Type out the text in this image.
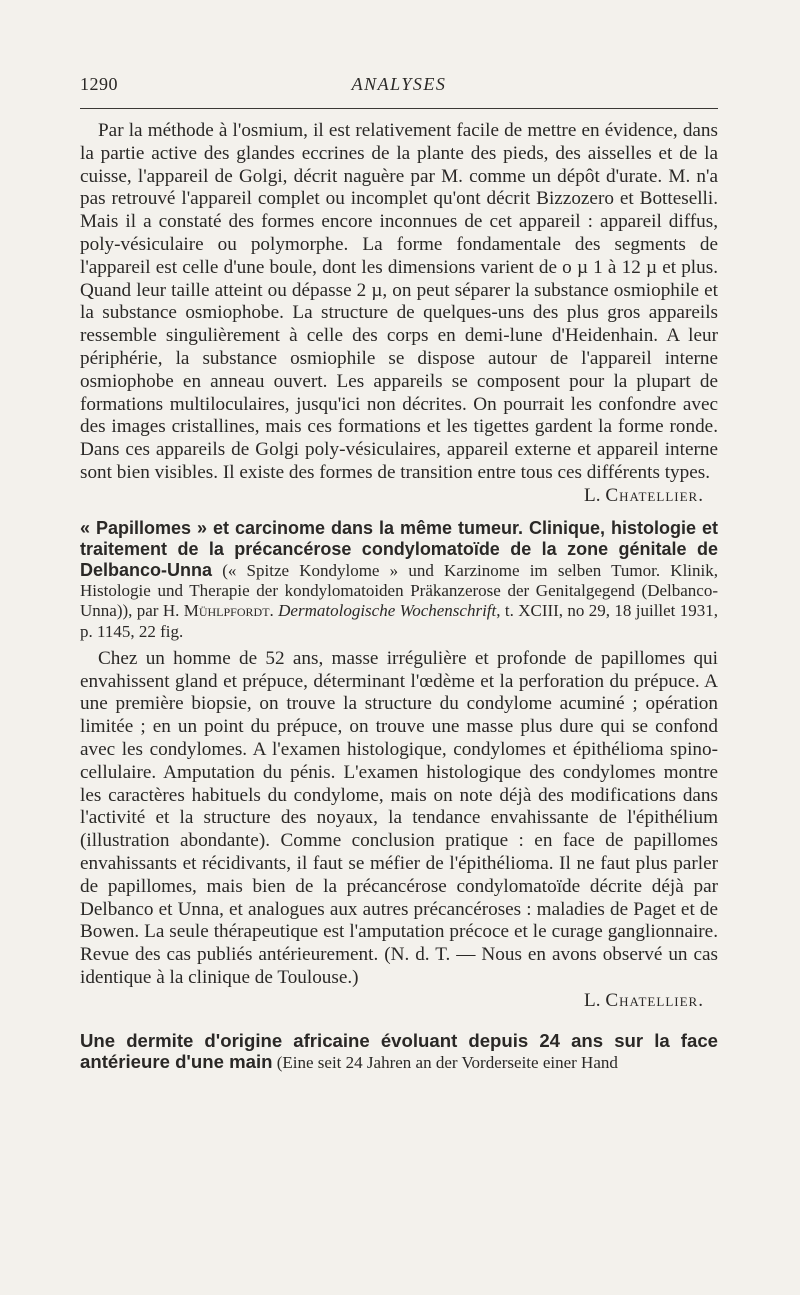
1290	ANALYSES

Par la méthode à l'osmium, il est relativement facile de mettre en évidence, dans la partie active des glandes eccrines de la plante des pieds, des aisselles et de la cuisse, l'appareil de Golgi, décrit naguère par M. comme un dépôt d'urate. M. n'a pas retrouvé l'appareil complet ou incomplet qu'ont décrit Bizzozero et Botteselli. Mais il a constaté des formes encore inconnues de cet appareil : appareil diffus, poly-vésiculaire ou polymorphe. La forme fondamentale des segments de l'appareil est celle d'une boule, dont les dimensions varient de o µ 1 à 12 µ et plus. Quand leur taille atteint ou dépasse 2 µ, on peut séparer la substance osmiophile et la substance osmiophobe. La structure de quelques-uns des plus gros appareils ressemble singulièrement à celle des corps en demi-lune d'Heidenhain. A leur périphérie, la substance osmiophile se dispose autour de l'appareil interne osmiophobe en anneau ouvert. Les appareils se composent pour la plupart de formations multiloculaires, jusqu'ici non décrites. On pourrait les confondre avec des images cristallines, mais ces formations et les tigettes gardent la forme ronde. Dans ces appareils de Golgi poly-vésiculaires, appareil externe et appareil interne sont bien visibles. Il existe des formes de transition entre tous ces différents types.

L. Chatellier.
« Papillomes » et carcinome dans la même tumeur. Clinique, histologie et traitement de la précancérose condylomatoïde de la zone génitale de Delbanco-Unna (« Spitze Kondylome » und Karzinome im selben Tumor. Klinik, Histologie und Therapie der kondylomatoiden Präkanzerose der Genitalgegend (Delbanco-Unna)), par H. Mühlpfordt. Dermatologische Wochenschrift, t. XCIII, no 29, 18 juillet 1931, p. 1145, 22 fig.

Chez un homme de 52 ans, masse irrégulière et profonde de papillomes qui envahissent gland et prépuce, déterminant l'œdème et la perforation du prépuce. A une première biopsie, on trouve la structure du condylome acuminé ; opération limitée ; en un point du prépuce, on trouve une masse plus dure qui se confond avec les condylomes. A l'examen histologique, condylomes et épithélioma spino-cellulaire. Amputation du pénis. L'examen histologique des condylomes montre les caractères habituels du condylome, mais on note déjà des modifications dans l'activité et la structure des noyaux, la tendance envahissante de l'épithélium (illustration abondante). Comme conclusion pratique : en face de papillomes envahissants et récidivants, il faut se méfier de l'épithélioma. Il ne faut plus parler de papillomes, mais bien de la précancérose condylomatoïde décrite déjà par Delbanco et Unna, et analogues aux autres précancéroses : maladies de Paget et de Bowen. La seule thérapeutique est l'amputation précoce et le curage ganglionnaire. Revue des cas publiés antérieurement. (N. d. T. — Nous en avons observé un cas identique à la clinique de Toulouse.)

L. Chatellier.
Une dermite d'origine africaine évoluant depuis 24 ans sur la face antérieure d'une main (Eine seit 24 Jahren an der Vorderseite einer Hand
